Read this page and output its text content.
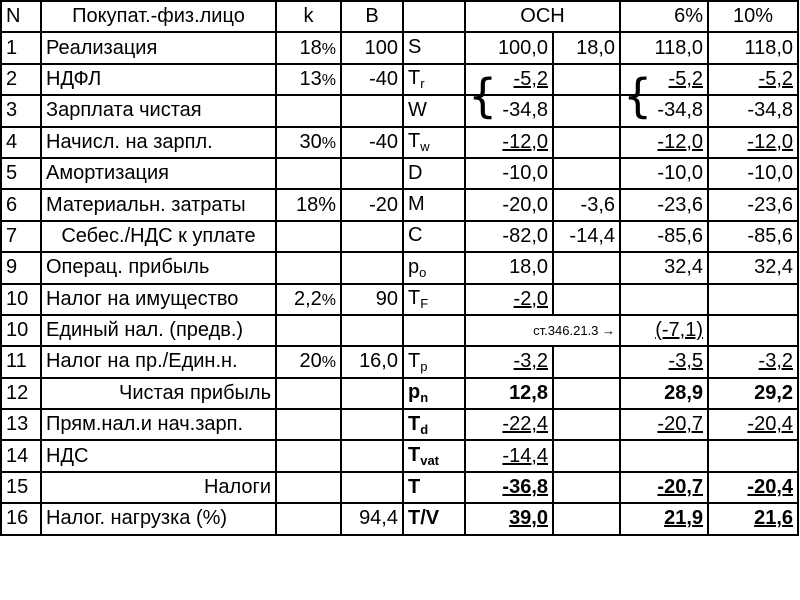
N	Покупат.-физ.лицо	k	B		ОСН		6%	10%
1	Реализация	18%	100	S	100,0	18,0	118,0	118,0
2	НДФЛ	13%	-40	$T_r$	{ -5,2		{ -5,2	-5,2
3	Зарплата чистая			W	-34,8		-34,8	-34,8
4	Начисл. на зарпл.	30%	-40	$T_w$	-12,0		-12,0	-12,0
5	Амортизация			D	-10,0		-10,0	-10,0
6	Материальн. затраты	18%	-20	M	-20,0	-3,6	-23,6	-23,6
7	Себес./НДС к уплате			C	-82,0	-14,4	-85,6	-85,6
9	Операц. прибыль			$p_o$	18,0		32,4	32,4
10	Налог на имущество	2,2%	90	$T_F$	-2,0			
10	Единый нал. (предв.)				ст.346.21.3 →		(-7,1)	
11	Налог на пр./Един.н.	20%	16,0	$T_p$	-3,2		-3,5	-3,2
12	Чистая прибыль			$p_n$	12,8		28,9	29,2
13	Прям.нал.и нач.зарп.			$T_d$	-22,4		-20,7	-20,4
14	НДС			$T_{vat}$	-14,4			
15	Налоги			T	-36,8		-20,7	-20,4
16	Налог. нагрузка (%)		94,4	T/V	39,0		21,9	21,6
